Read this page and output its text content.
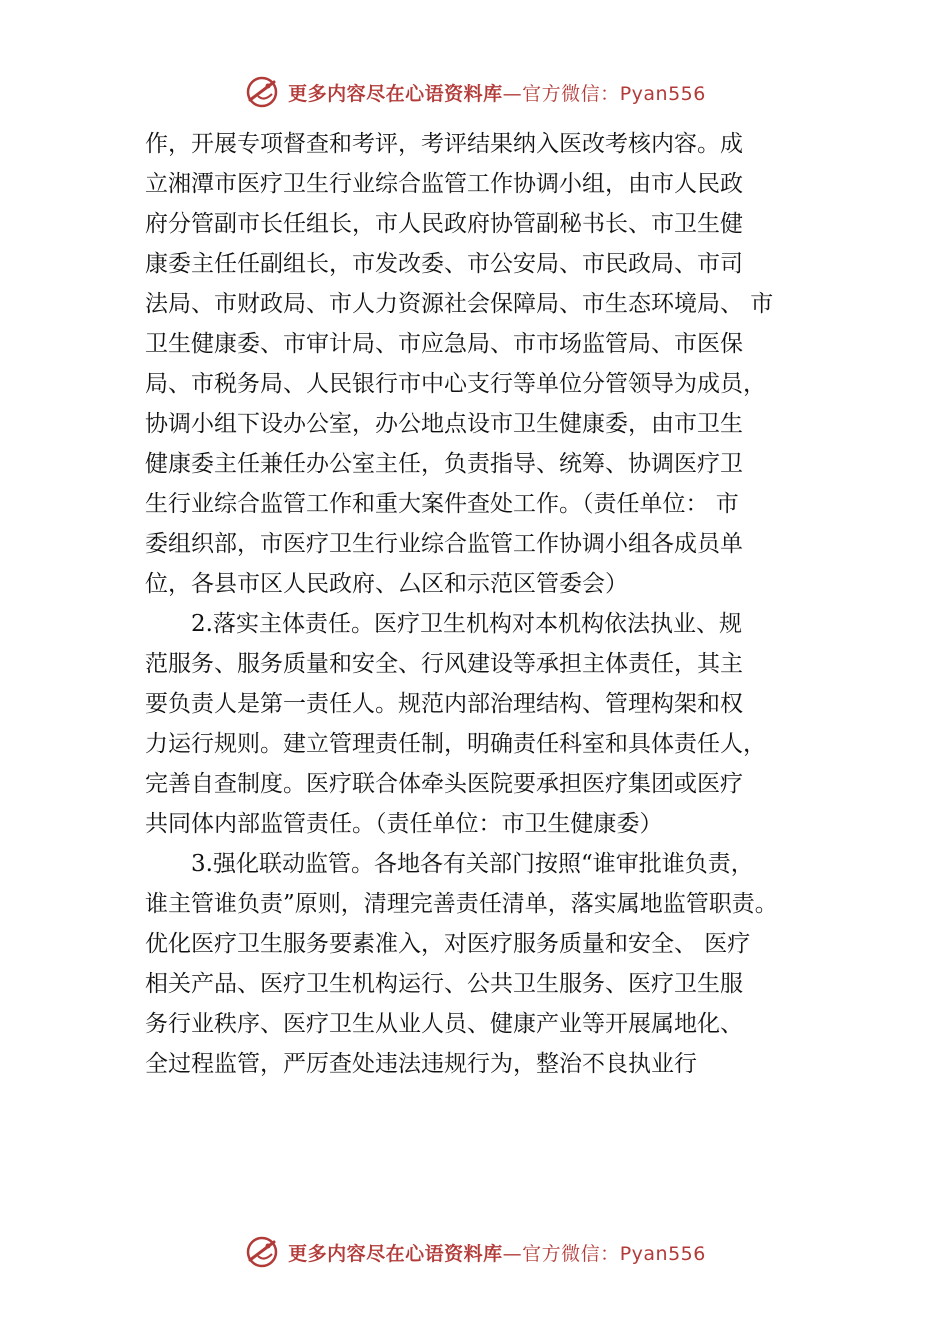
更多内容尽在心语资料库—官方微信：Pyan556
作，开展专项督查和考评，考评结果纳入医改考核内容。成
立湘潭市医疗卫生行业综合监管工作协调小组，由市人民政
府分管副市长任组长，市人民政府协管副秘书长、市卫生健
康委主任任副组长，市发改委、市公安局、市民政局、市司
法局、市财政局、市人力资源社会保障局、市生态环境局、 市
卫生健康委、市审计局、市应急局、市市场监管局、市医保
局、市税务局、人民银行市中心支行等单位分管领导为成员，
协调小组下设办公室，办公地点设市卫生健康委，由市卫生
健康委主任兼任办公室主任，负责指导、统筹、协调医疗卫
生行业综合监管工作和重大案件查处工作。（责任单位： 市
委组织部，市医疗卫生行业综合监管工作协调小组各成员单
位，各县市区人民政府、厶区和示范区管委会）
2.落实主体责任。医疗卫生机构对本机构依法执业、规
范服务、服务质量和安全、行风建设等承担主体责任，其主
要负责人是第一责任人。规范内部治理结构、管理构架和权
力运行规则。建立管理责任制，明确责任科室和具体责任人，
完善自查制度。医疗联合体牵头医院要承担医疗集团或医疗
共同体内部监管责任。（责任单位：市卫生健康委）
3.强化联动监管。各地各有关部门按照“谁审批谁负责，
谁主管谁负责”原则，清理完善责任清单，落实属地监管职责。
优化医疗卫生服务要素准入，对医疗服务质量和安全、 医疗
相关产品、医疗卫生机构运行、公共卫生服务、医疗卫生服
务行业秩序、医疗卫生从业人员、健康产业等开展属地化、
全过程监管，严厉查处违法违规行为，整治不良执业行
更多内容尽在心语资料库—官方微信：Pyan556
